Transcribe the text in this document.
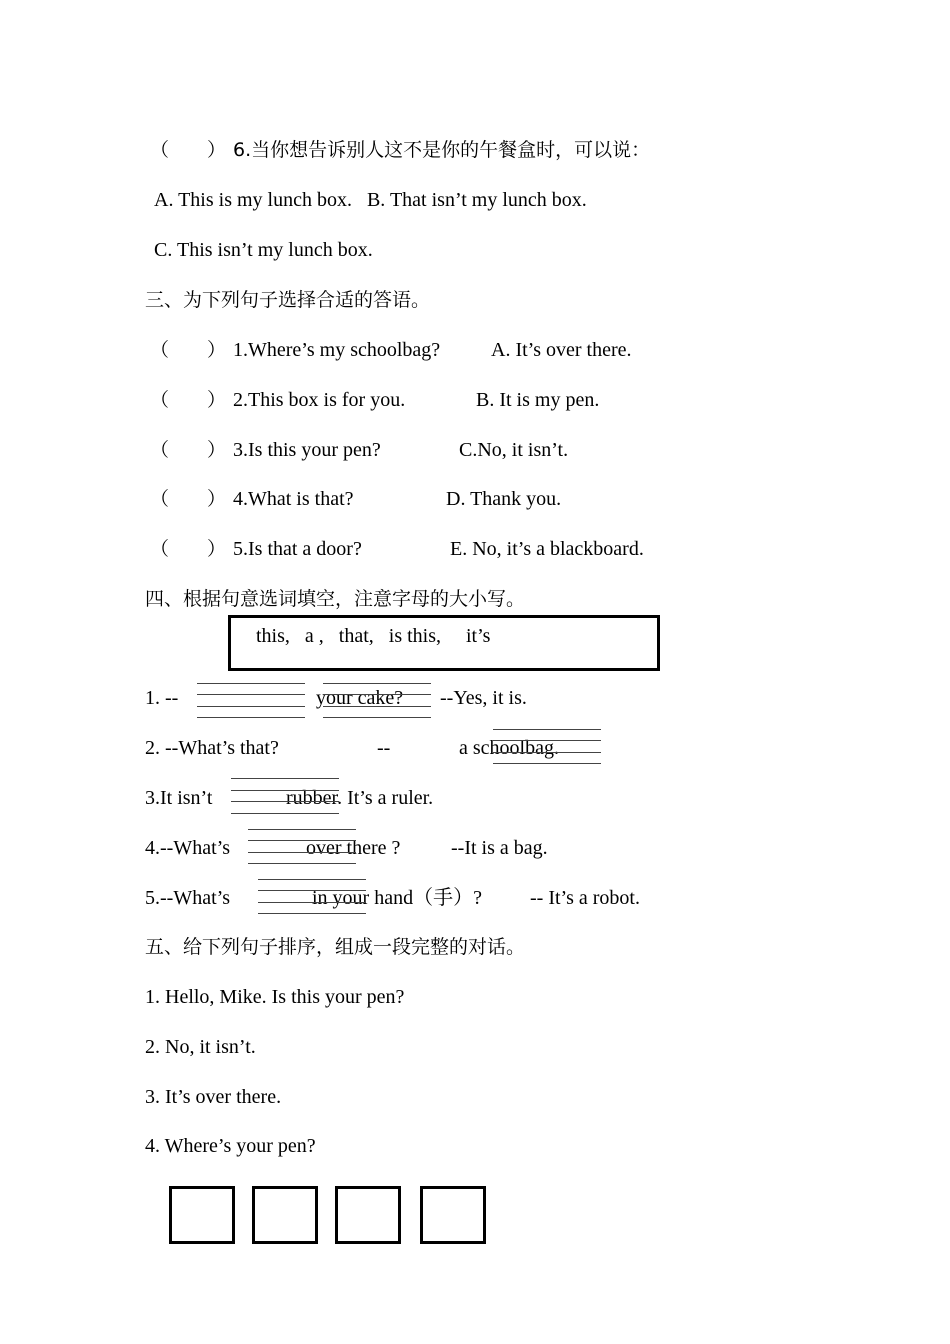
（　　） 6.当你想告诉别人这不是你的午餐盒时，可以说：
A. This is my lunch box.   B. That isn’t my lunch box.
C. This isn’t my lunch box.
三、为下列句子选择合适的答语。
（　　） 1.Where’s my schoolbag?	A. It’s over there.
（　　） 2.This box is for you.	B. It is my pen.
（　　） 3.Is this your pen?	C.No, it isn’t.
（　　） 4.What is that?	D. Thank you.
（　　） 5.Is that a door?	E. No, it’s a blackboard.
四、根据句意选词填空，注意字母的大小写。
this,   a ,   that,   is this,     it’s
1. --	your cake? --Yes, it is.
2. --What’s that?	--	a schoolbag.
3.It isn’t	rubber. It’s a ruler.
4.--What’s	over there ?	--It is a bag.
5.--What’s	in your hand（手）? -- It’s a robot.
五、给下列句子排序，组成一段完整的对话。
1. Hello, Mike. Is this your pen?
2. No, it isn’t.
3. It’s over there.
4. Where’s your pen?
